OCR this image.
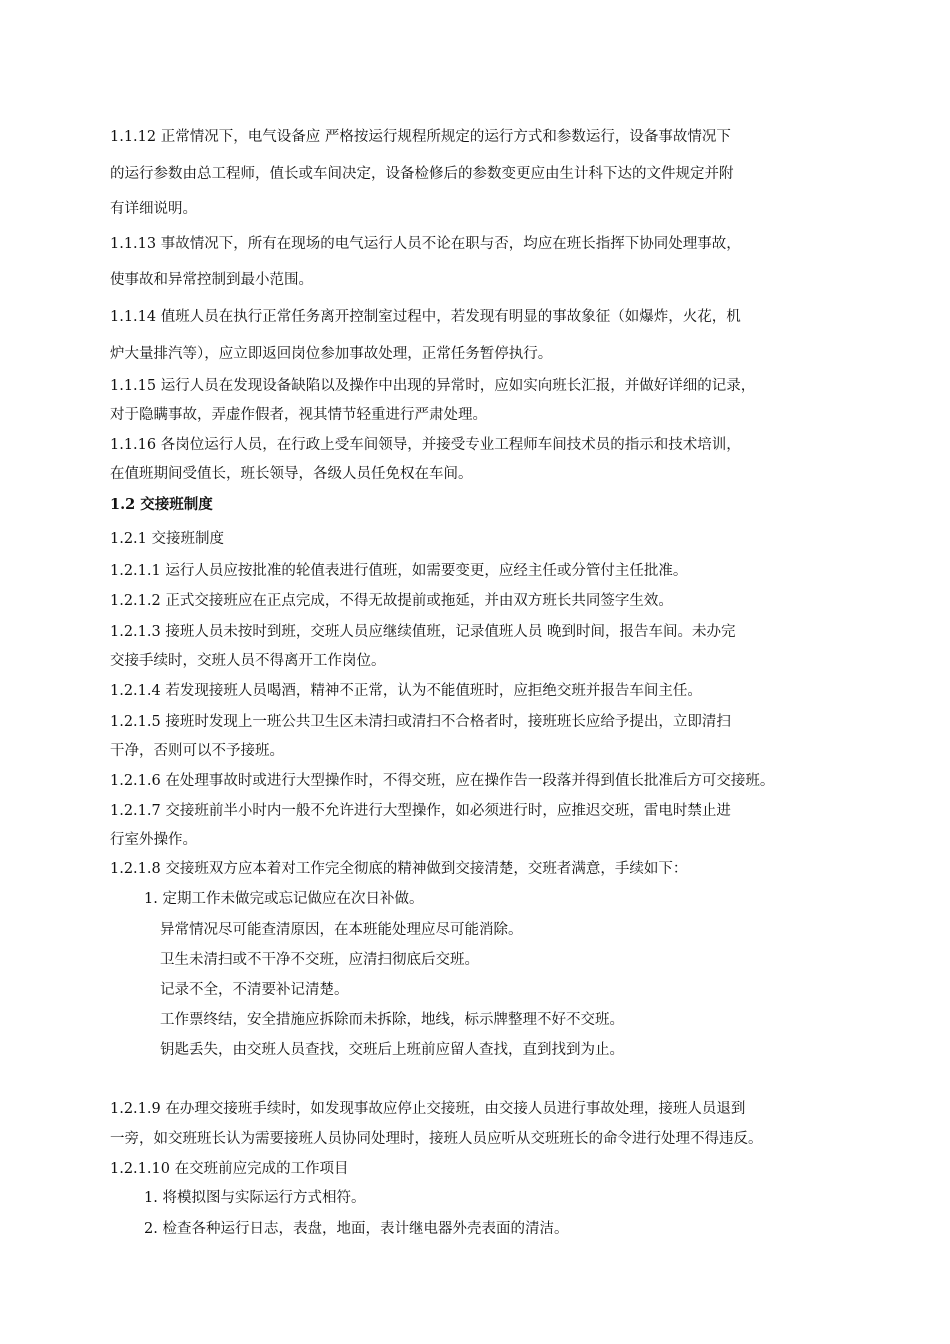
1.1.12 正常情况下，电气设备应 严格按运行规程所规定的运行方式和参数运行，设备事故情况下
的运行参数由总工程师，值长或车间决定，设备检修后的参数变更应由生计科下达的文件规定并附
有详细说明。
1.1.13 事故情况下，所有在现场的电气运行人员不论在职与否，均应在班长指挥下协同处理事故，
使事故和异常控制到最小范围。
1.1.14 值班人员在执行正常任务离开控制室过程中，若发现有明显的事故象征（如爆炸，火花，机
炉大量排汽等），应立即返回岗位参加事故处理，正常任务暂停执行。
1.1.15 运行人员在发现设备缺陷以及操作中出现的异常时，应如实向班长汇报，并做好详细的记录，
对于隐瞒事故，弄虚作假者，视其情节轻重进行严肃处理。
1.1.16 各岗位运行人员，在行政上受车间领导，并接受专业工程师车间技术员的指示和技术培训，
在值班期间受值长，班长领导，各级人员任免权在车间。
1.2 交接班制度
1.2.1 交接班制度
1.2.1.1 运行人员应按批准的轮值表进行值班，如需要变更，应经主任或分管付主任批准。
1.2.1.2 正式交接班应在正点完成，不得无故提前或拖延，并由双方班长共同签字生效。
1.2.1.3 接班人员未按时到班，交班人员应继续值班，记录值班人员 晚到时间，报告车间。未办完
交接手续时，交班人员不得离开工作岗位。
1.2.1.4 若发现接班人员喝酒，精神不正常，认为不能值班时，应拒绝交班并报告车间主任。
1.2.1.5 接班时发现上一班公共卫生区未清扫或清扫不合格者时，接班班长应给予提出，立即清扫
干净，否则可以不予接班。
1.2.1.6 在处理事故时或进行大型操作时，不得交班，应在操作告一段落并得到值长批准后方可交接班。
1.2.1.7 交接班前半小时内一般不允许进行大型操作，如必须进行时，应推迟交班，雷电时禁止进
行室外操作。
1.2.1.8 交接班双方应本着对工作完全彻底的精神做到交接清楚，交班者满意，手续如下：
1. 定期工作未做完或忘记做应在次日补做。
异常情况尽可能查清原因，在本班能处理应尽可能消除。
卫生未清扫或不干净不交班，应清扫彻底后交班。
记录不全，不清要补记清楚。
工作票终结，安全措施应拆除而未拆除，地线，标示牌整理不好不交班。
钥匙丢失，由交班人员查找，交班后上班前应留人查找，直到找到为止。
1.2.1.9 在办理交接班手续时，如发现事故应停止交接班，由交接人员进行事故处理，接班人员退到
一旁，如交班班长认为需要接班人员协同处理时，接班人员应听从交班班长的命令进行处理不得违反。
1.2.1.10 在交班前应完成的工作项目
1. 将模拟图与实际运行方式相符。
2. 检查各种运行日志，表盘，地面，表计继电器外壳表面的清洁。
